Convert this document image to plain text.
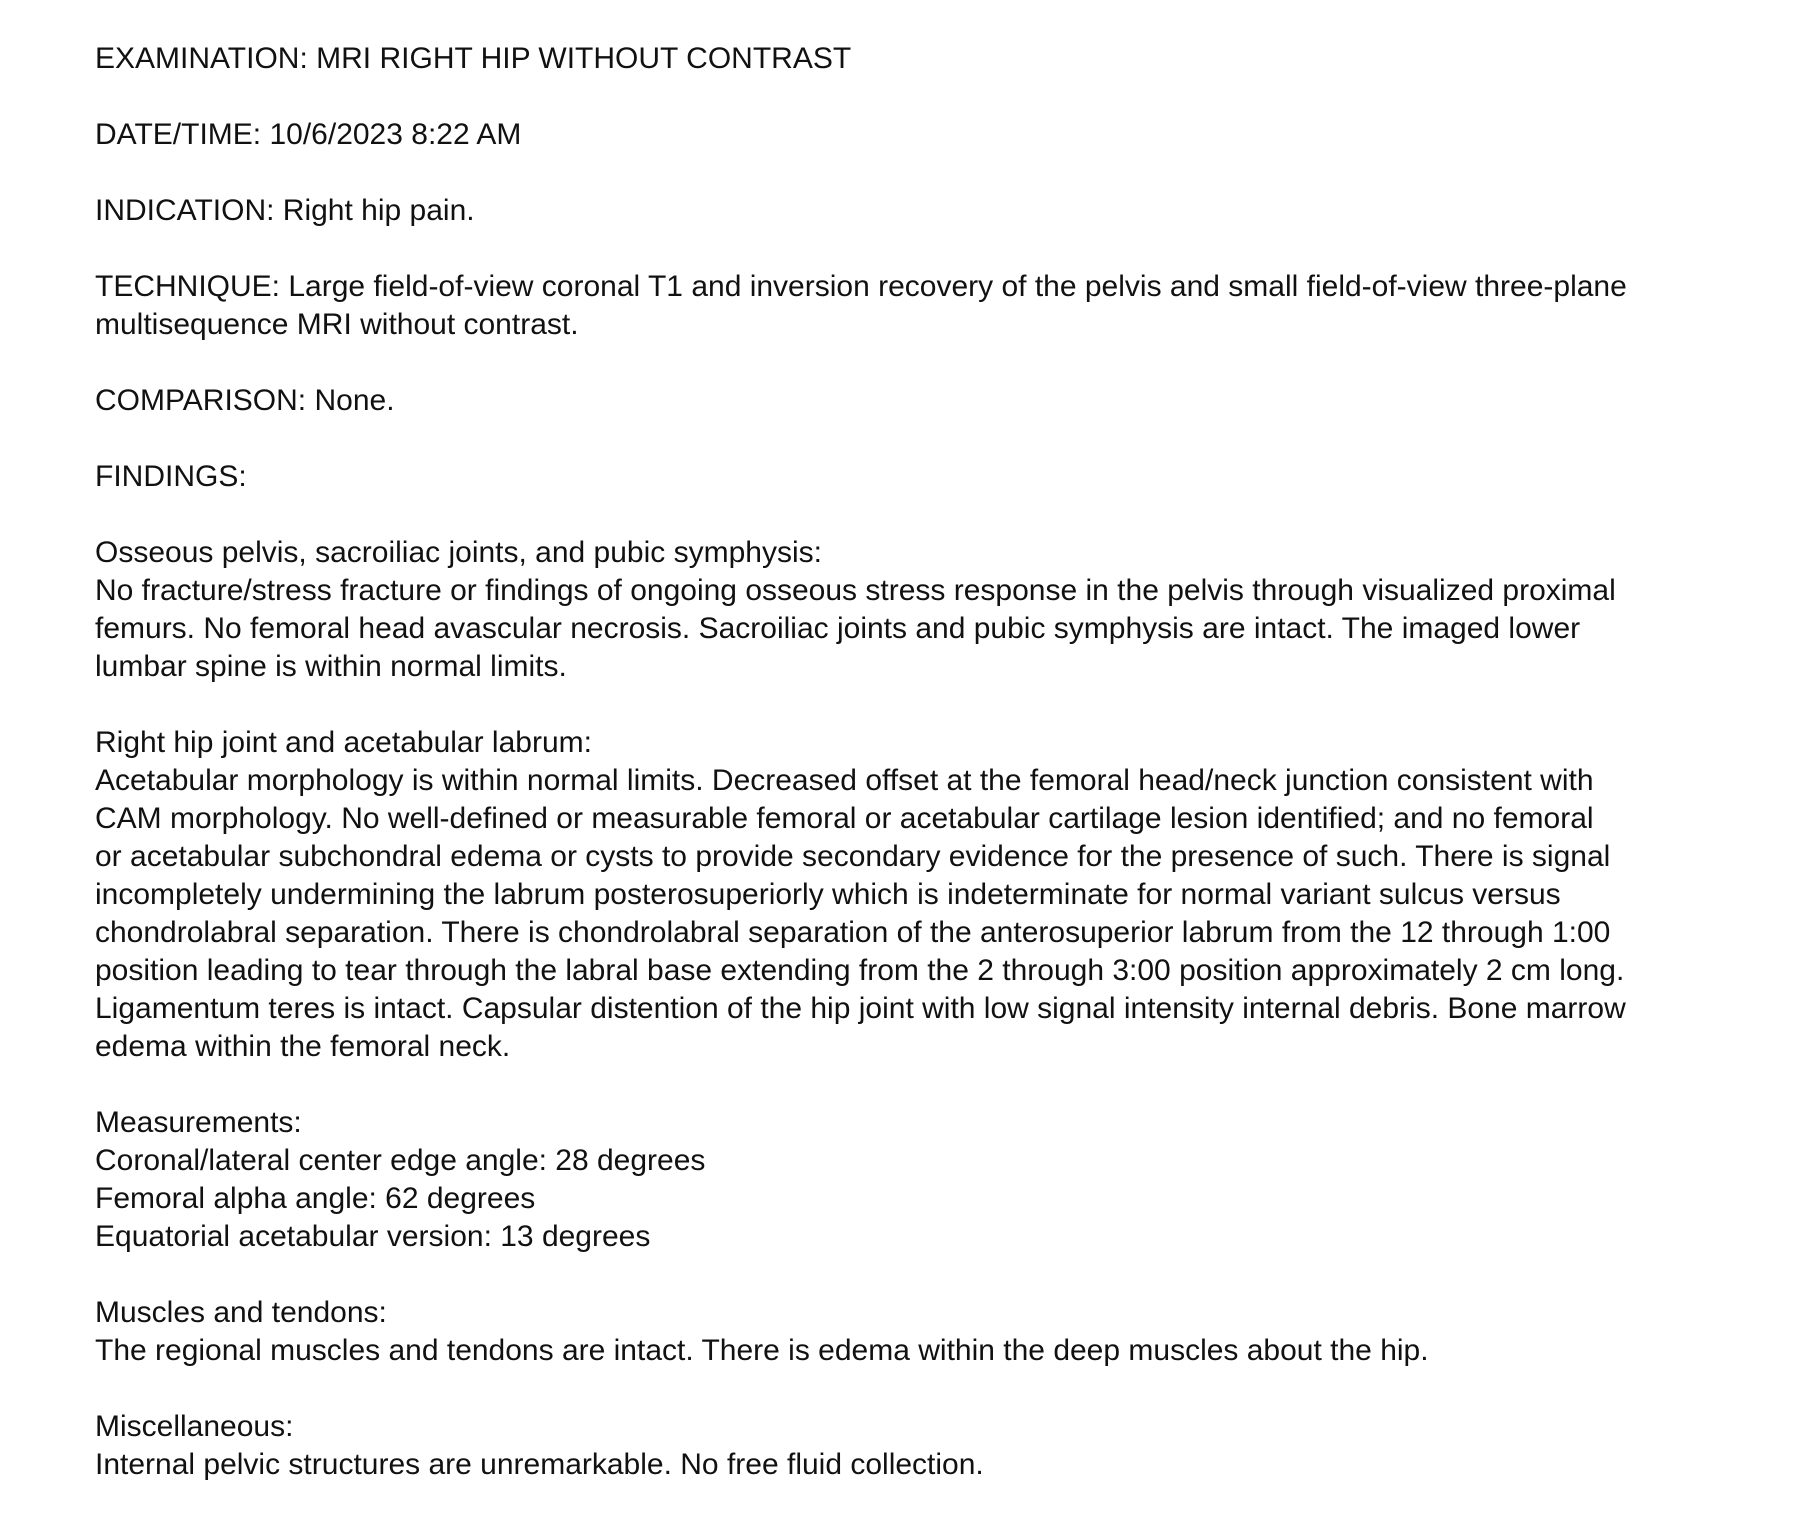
EXAMINATION: MRI RIGHT HIP WITHOUT CONTRAST
DATE/TIME: 10/6/2023 8:22 AM
INDICATION: Right hip pain.
TECHNIQUE: Large field-of-view coronal T1 and inversion recovery of the pelvis and small field-of-view three-plane
multisequence MRI without contrast.
COMPARISON: None.
FINDINGS:
Osseous pelvis, sacroiliac joints, and pubic symphysis:
No fracture/stress fracture or findings of ongoing osseous stress response in the pelvis through visualized proximal
femurs. No femoral head avascular necrosis. Sacroiliac joints and pubic symphysis are intact. The imaged lower
lumbar spine is within normal limits.
Right hip joint and acetabular labrum:
Acetabular morphology is within normal limits. Decreased offset at the femoral head/neck junction consistent with
CAM morphology. No well-defined or measurable femoral or acetabular cartilage lesion identified; and no femoral
or acetabular subchondral edema or cysts to provide secondary evidence for the presence of such. There is signal
incompletely undermining the labrum posterosuperiorly which is indeterminate for normal variant sulcus versus
chondrolabral separation. There is chondrolabral separation of the anterosuperior labrum from the 12 through 1:00
position leading to tear through the labral base extending from the 2 through 3:00 position approximately 2 cm long.
Ligamentum teres is intact. Capsular distention of the hip joint with low signal intensity internal debris. Bone marrow
edema within the femoral neck.
Measurements:
Coronal/lateral center edge angle: 28 degrees
Femoral alpha angle: 62 degrees
Equatorial acetabular version: 13 degrees
Muscles and tendons:
The regional muscles and tendons are intact. There is edema within the deep muscles about the hip.
Miscellaneous:
Internal pelvic structures are unremarkable. No free fluid collection.
